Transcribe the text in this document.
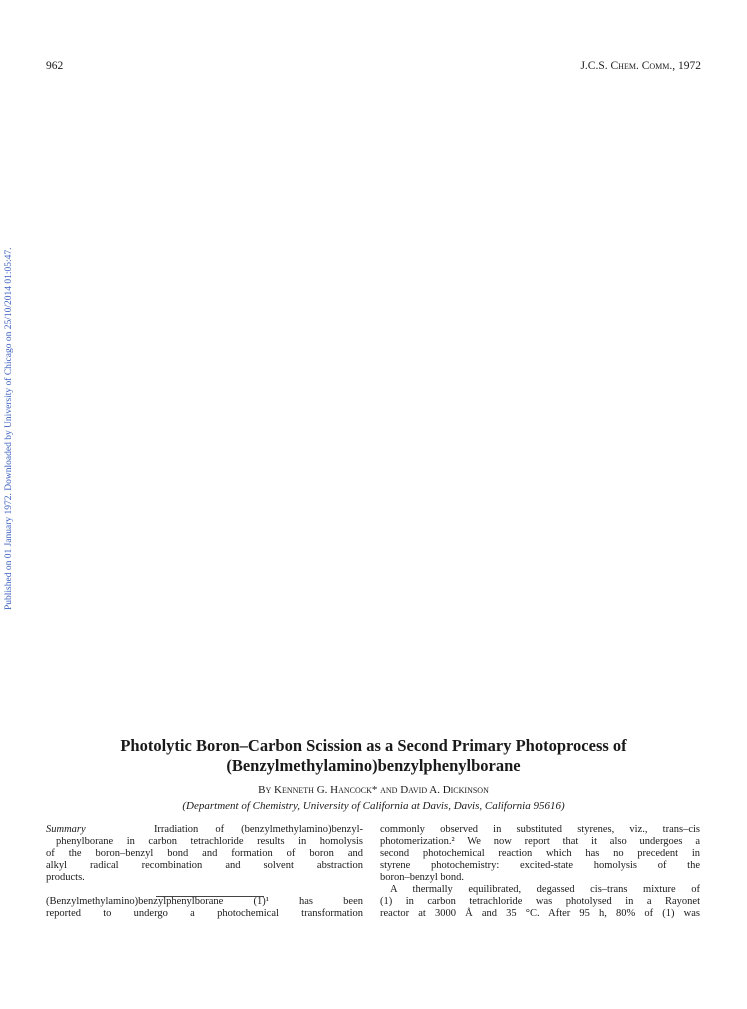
962	J.C.S. Chem. Comm., 1972
Published on 01 January 1972. Downloaded by University of Chicago on 25/10/2014 01:05:47.
Photolytic Boron–Carbon Scission as a Second Primary Photoprocess of
(Benzylmethylamino)benzylphenylborane
By Kenneth G. Hancock* and David A. Dickinson
(Department of Chemistry, University of California at Davis, Davis, California 95616)
Summary	Irradiation of (benzylmethylamino)benzyl-
phenylborane in carbon tetrachloride results in homolysis
of the boron–benzyl bond and formation of boron and
alkyl radical recombination and solvent abstraction
products.
(Benzylmethylamino)benzylphenylborane (1)¹ has been
reported to undergo a photochemical transformation
commonly observed in substituted styrenes, viz., trans–cis
photomerization.² We now report that it also undergoes a
second photochemical reaction which has no precedent in
styrene photochemistry: excited-state homolysis of the
boron–benzyl bond.
A thermally equilibrated, degassed cis–trans mixture of
(1) in carbon tetrachloride was photolysed in a Rayonet
reactor at 3000 Å and 35 °C. After 95 h, 80% of (1) was
